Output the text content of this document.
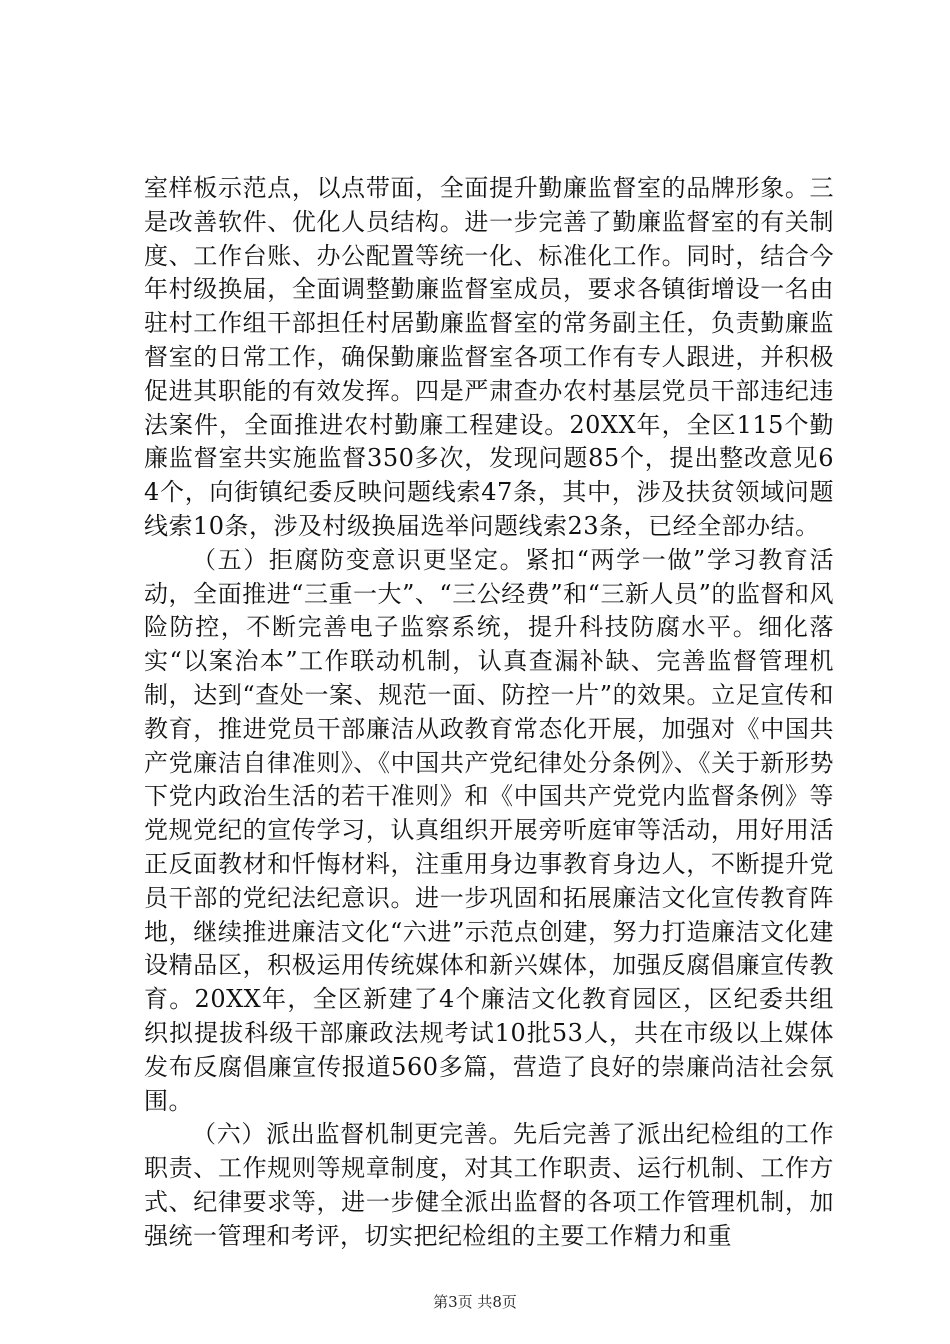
室样板示范点，以点带面，全面提升勤廉监督室的品牌形象。三是改善软件、优化人员结构。进一步完善了勤廉监督室的有关制度、工作台账、办公配置等统一化、标准化工作。同时，结合今年村级换届，全面调整勤廉监督室成员，要求各镇街增设一名由驻村工作组干部担任村居勤廉监督室的常务副主任，负责勤廉监督室的日常工作，确保勤廉监督室各项工作有专人跟进，并积极促进其职能的有效发挥。四是严肃查办农村基层党员干部违纪违法案件，全面推进农村勤廉工程建设。20XX年，全区115个勤廉监督室共实施监督350多次，发现问题85个，提出整改意见64个，向街镇纪委反映问题线索47条，其中，涉及扶贫领域问题线索10条，涉及村级换届选举问题线索23条，已经全部办结。

（五）拒腐防变意识更坚定。紧扣“两学一做”学习教育活动，全面推进“三重一大”、“三公经费”和“三新人员”的监督和风险防控，不断完善电子监察系统，提升科技防腐水平。细化落实“以案治本”工作联动机制，认真查漏补缺、完善监督管理机制，达到“查处一案、规范一面、防控一片”的效果。立足宣传和教育，推进党员干部廉洁从政教育常态化开展，加强对《中国共产党廉洁自律准则》、《中国共产党纪律处分条例》、《关于新形势下党内政治生活的若干准则》和《中国共产党党内监督条例》等党规党纪的宣传学习，认真组织开展旁听庭审等活动，用好用活正反面教材和忏悔材料，注重用身边事教育身边人，不断提升党员干部的党纪法纪意识。进一步巩固和拓展廉洁文化宣传教育阵地，继续推进廉洁文化“六进”示范点创建，努力打造廉洁文化建设精品区，积极运用传统媒体和新兴媒体，加强反腐倡廉宣传教育。20XX年，全区新建了4个廉洁文化教育园区，区纪委共组织拟提拔科级干部廉政法规考试10批53人，共在市级以上媒体发布反腐倡廉宣传报道560多篇，营造了良好的崇廉尚洁社会氛围。

（六）派出监督机制更完善。先后完善了派出纪检组的工作职责、工作规则等规章制度，对其工作职责、运行机制、工作方式、纪律要求等，进一步健全派出监督的各项工作管理机制，加强统一管理和考评，切实把纪检组的主要工作精力和重

第3页 共8页
